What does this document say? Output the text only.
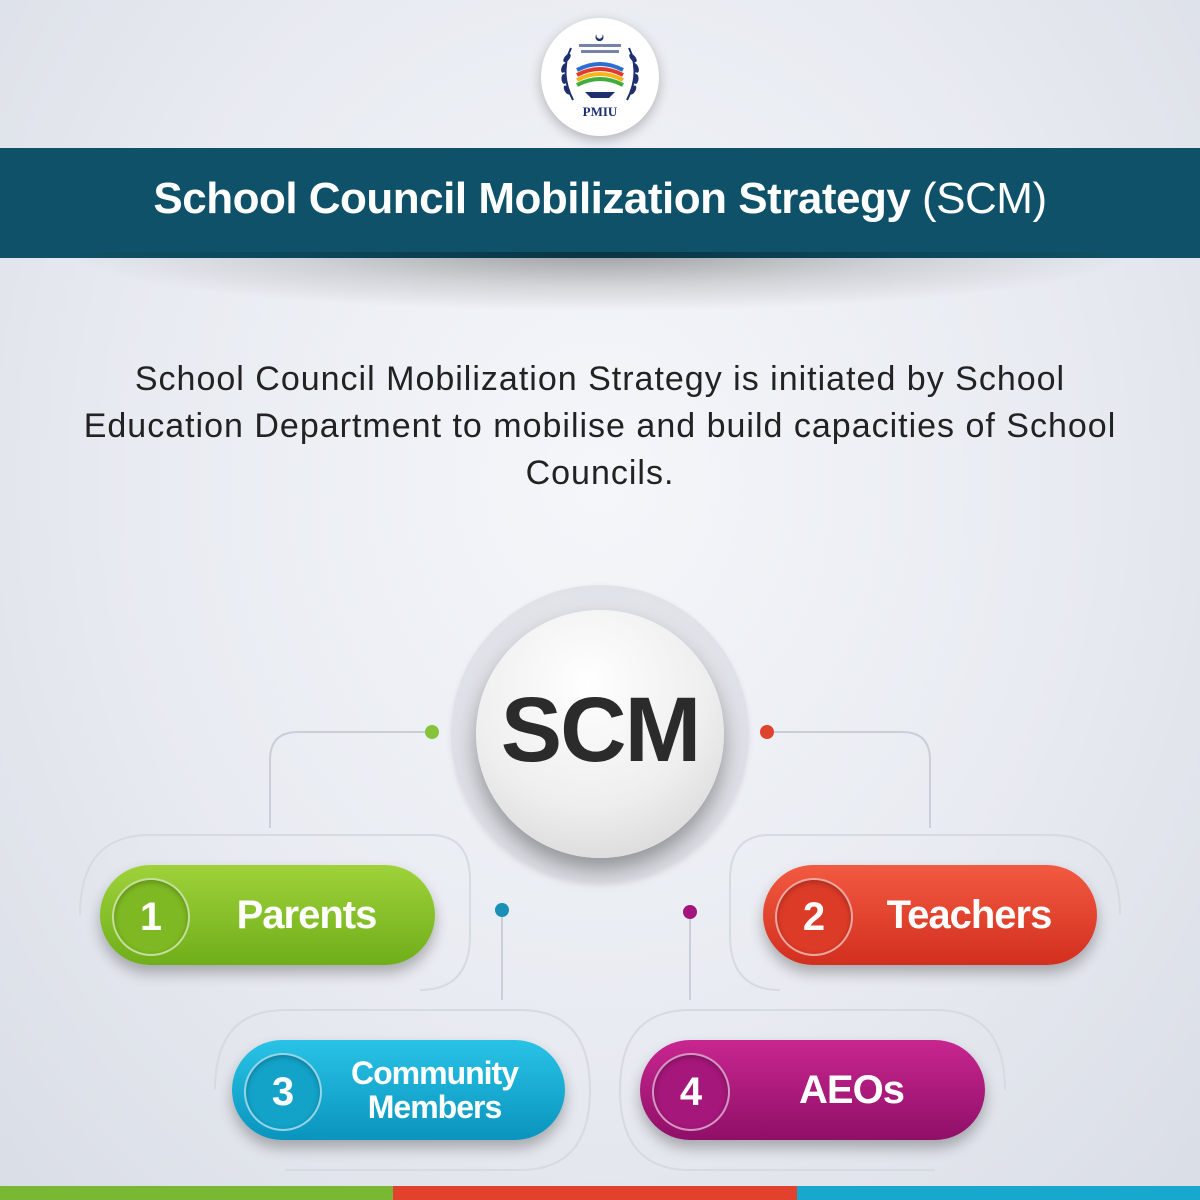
PMIU
School Council Mobilization Strategy (SCM)
School Council Mobilization Strategy is initiated by School Education Department to mobilise and build capacities of School Councils.
SCM
1	Parents	2	Teachers
3	Community Members	4	AEOs
